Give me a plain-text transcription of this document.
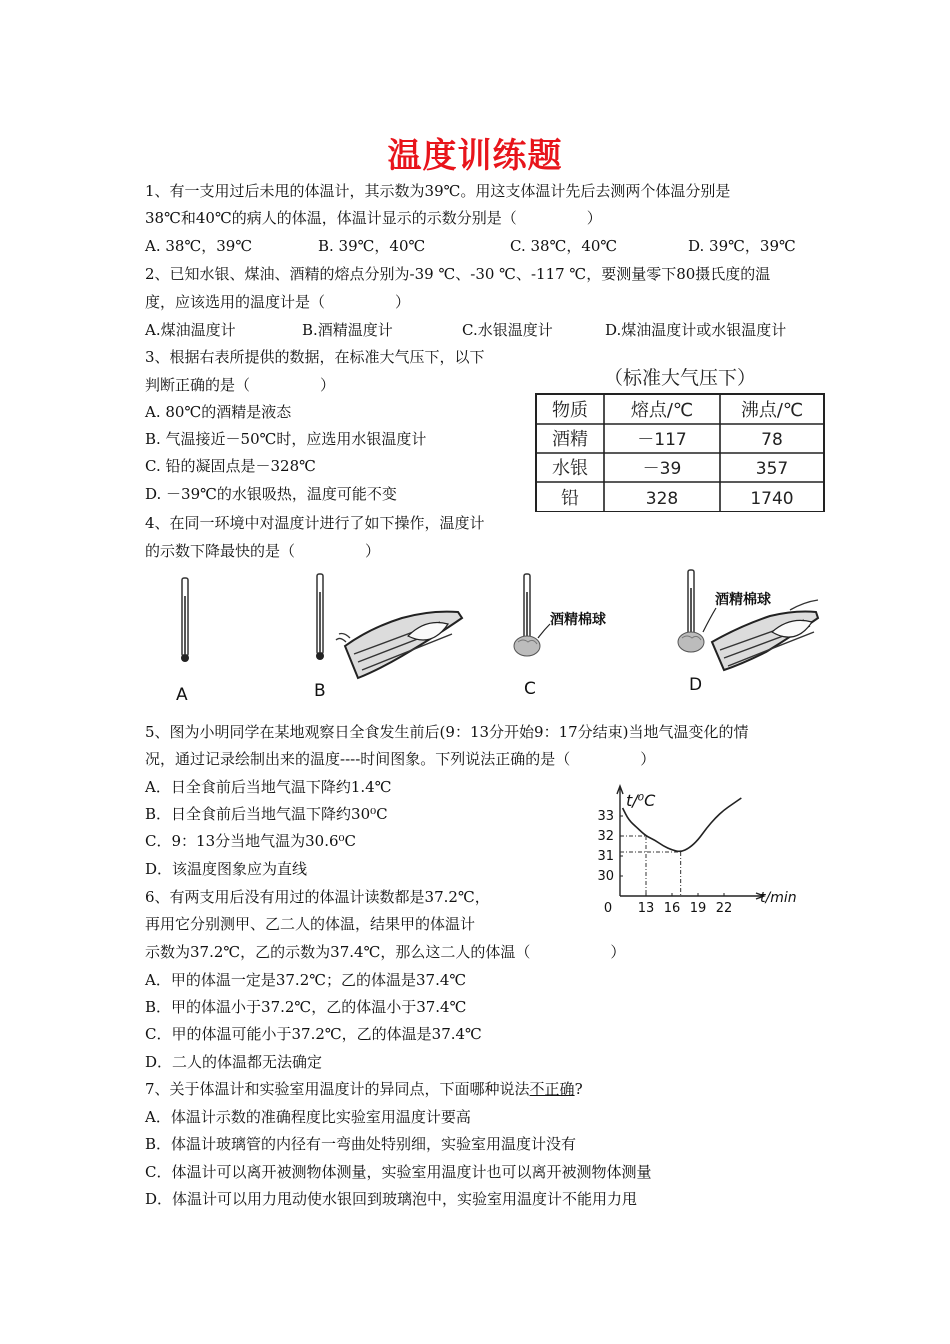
温度训练题
1、有一支用过后未甩的体温计，其示数为39℃。用这支体温计先后去测两个体温分别是
38℃和40℃的病人的体温，体温计显示的示数分别是（	）
A. 38℃，39℃	B. 39℃，40℃	C. 38℃，40℃	D. 39℃，39℃
2、已知水银、煤油、酒精的熔点分别为-39 ℃、-30 ℃、-117 ℃，要测量零下80摄氏度的温
度，应该选用的温度计是（	）
A.煤油温度计	B.酒精温度计	C.水银温度计	D.煤油温度计或水银温度计
3、根据右表所提供的数据，在标准大气压下，以下
判断正确的是（	）
A. 80℃的酒精是液态
B. 气温接近－50℃时，应选用水银温度计
C. 铅的凝固点是－328℃
D. －39℃的水银吸热，温度可能不变
（标准大气压下）
物质 熔点/℃	沸点/℃
酒精	－117	78
水银	－39	357
铅	328	1740
4、在同一环境中对温度计进行了如下操作，温度计
的示数下降最快的是（	）
酒精棉球
酒精棉球
A	B	C	D
5、图为小明同学在某地观察日全食发生前后(9：13分开始9：17分结束)当地气温变化的情
况，通过记录绘制出来的温度----时间图象。下列说法正确的是（	）
A．日全食前后当地气温下降约1.4℃
B．日全食前后当地气温下降约30⁰C
C．9：13分当地气温为30.6⁰C
D．该温度图象应为直线
0 13 16 19 22
30
31
32
33
t/⁰C
t/min
6、有两支用后没有用过的体温计读数都是37.2℃，
再用它分别测甲、乙二人的体温，结果甲的体温计
示数为37.2℃，乙的示数为37.4℃，那么这二人的体温（	）
A．甲的体温一定是37.2℃；乙的体温是37.4℃
B．甲的体温小于37.2℃，乙的体温小于37.4℃
C．甲的体温可能小于37.2℃，乙的体温是37.4℃
D．二人的体温都无法确定
7、关于体温计和实验室用温度计的异同点，下面哪种说法不正确?
A．体温计示数的准确程度比实验室用温度计要高
B．体温计玻璃管的内径有一弯曲处特别细，实验室用温度计没有
C．体温计可以离开被测物体测量，实验室用温度计也可以离开被测物体测量
D．体温计可以用力甩动使水银回到玻璃泡中，实验室用温度计不能用力甩
